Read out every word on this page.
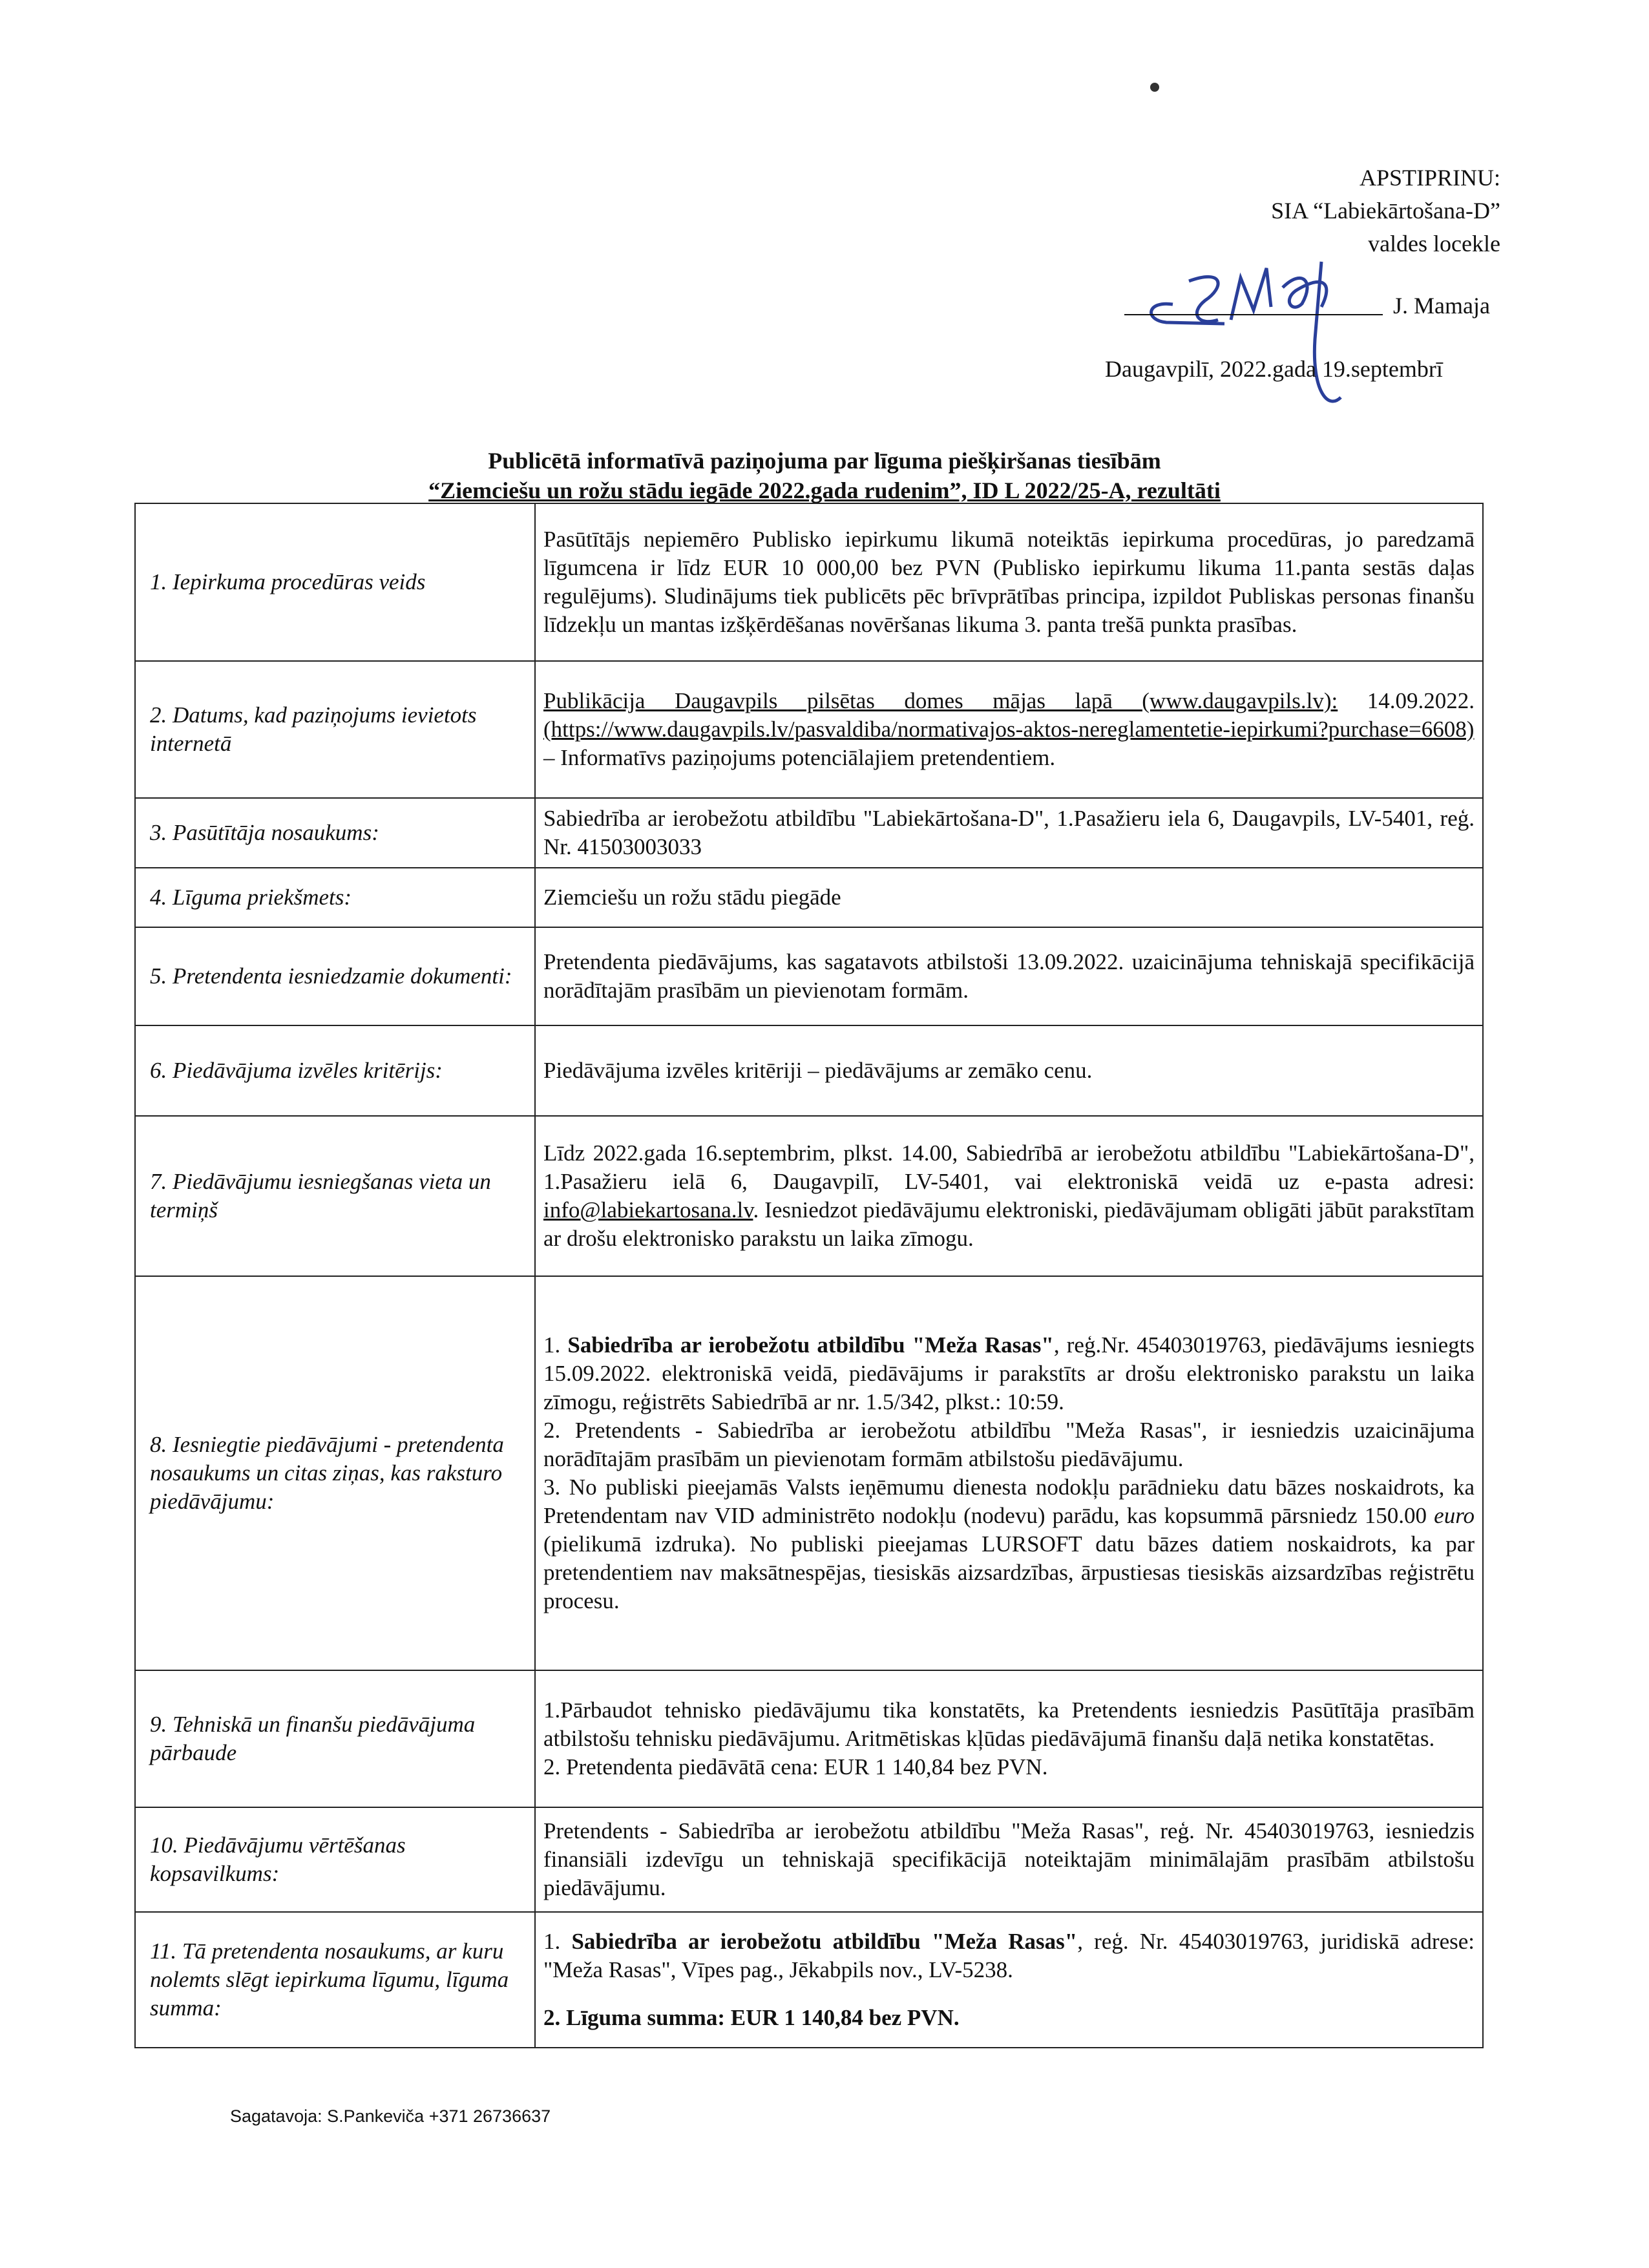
APSTIPRINU:
SIA “Labiekārtošana-D”
valdes locekle
J. Mamaja
Daugavpilī, 2022.gada 19.septembrī
Publicētā informatīvā paziņojuma par līguma piešķiršanas tiesībām
“Ziemciešu un rožu stādu iegāde 2022.gada rudenim”, ID L 2022/25-A, rezultāti
1. Iepirkuma procedūras veids	Pasūtītājs nepiemēro Publisko iepirkumu likumā noteiktās iepirkuma procedūras, jo paredzamā līgumcena ir līdz EUR 10 000,00 bez PVN (Publisko iepirkumu likuma 11.panta sestās daļas regulējums). Sludinājums tiek publicēts pēc brīvprātības principa, izpildot Publiskas personas finanšu līdzekļu un mantas izšķērdēšanas novēršanas likuma 3. panta trešā punkta prasības.
2. Datums, kad paziņojums ievietots internetā	Publikācija Daugavpils pilsētas domes mājas lapā (www.daugavpils.lv): 14.09.2022. (https://www.daugavpils.lv/pasvaldiba/normativajos-aktos-nereglamentetie-iepirkumi?purchase=6608) – Informatīvs paziņojums potenciālajiem pretendentiem.
3. Pasūtītāja nosaukums:	Sabiedrība ar ierobežotu atbildību "Labiekārtošana-D", 1.Pasažieru iela 6, Daugavpils, LV-5401, reģ. Nr. 41503003033
4. Līguma priekšmets:	Ziemciešu un rožu stādu piegāde
5. Pretendenta iesniedzamie dokumenti:	Pretendenta piedāvājums, kas sagatavots atbilstoši 13.09.2022. uzaicinājuma tehniskajā specifikācijā norādītajām prasībām un pievienotam formām.
6. Piedāvājuma izvēles kritērijs:	Piedāvājuma izvēles kritēriji – piedāvājums ar zemāko cenu.
7. Piedāvājumu iesniegšanas vieta un termiņš	Līdz 2022.gada 16.septembrim, plkst. 14.00, Sabiedrībā ar ierobežotu atbildību "Labiekārtošana-D", 1.Pasažieru ielā 6, Daugavpilī, LV-5401, vai elektroniskā veidā uz e-pasta adresi: info@labiekartosana.lv. Iesniedzot piedāvājumu elektroniski, piedāvājumam obligāti jābūt parakstītam ar drošu elektronisko parakstu un laika zīmogu.
8. Iesniegtie piedāvājumi - pretendenta nosaukums un citas ziņas, kas raksturo piedāvājumu:	1. Sabiedrība ar ierobežotu atbildību "Meža Rasas", reģ.Nr. 45403019763, piedāvājums iesniegts 15.09.2022. elektroniskā veidā, piedāvājums ir parakstīts ar drošu elektronisko parakstu un laika zīmogu, reģistrēts Sabiedrībā ar nr. 1.5/342, plkst.: 10:59.

2. Pretendents - Sabiedrība ar ierobežotu atbildību "Meža Rasas", ir iesniedzis uzaicinājuma norādītajām prasībām un pievienotam formām atbilstošu piedāvājumu.

3. No publiski pieejamās Valsts ieņēmumu dienesta nodokļu parādnieku datu bāzes noskaidrots, ka Pretendentam nav VID administrēto nodokļu (nodevu) parādu, kas kopsummā pārsniedz 150.00 euro (pielikumā izdruka). No publiski pieejamas LURSOFT datu bāzes datiem noskaidrots, ka par pretendentiem nav maksātnespējas, tiesiskās aizsardzības, ārpustiesas tiesiskās aizsardzības reģistrētu procesu.

9. Tehniskā un finanšu piedāvājuma pārbaude	1.Pārbaudot tehnisko piedāvājumu tika konstatēts, ka Pretendents iesniedzis Pasūtītāja prasībām atbilstošu tehnisku piedāvājumu. Aritmētiskas kļūdas piedāvājumā finanšu daļā netika konstatētas.

2. Pretendenta piedāvātā cena: EUR 1 140,84 bez PVN.

10. Piedāvājumu vērtēšanas kopsavilkums:	Pretendents - Sabiedrība ar ierobežotu atbildību "Meža Rasas", reģ. Nr. 45403019763, iesniedzis finansiāli izdevīgu un tehniskajā specifikācijā noteiktajām minimālajām prasībām atbilstošu piedāvājumu.
11. Tā pretendenta nosaukums, ar kuru nolemts slēgt iepirkuma līgumu, līguma summa:	1. Sabiedrība ar ierobežotu atbildību "Meža Rasas", reģ. Nr. 45403019763, juridiskā adrese: "Meža Rasas", Vīpes pag., Jēkabpils nov., LV-5238.

2. Līguma summa: EUR 1 140,84 bez PVN.

Sagatavoja: S.Pankeviča +371 26736637
